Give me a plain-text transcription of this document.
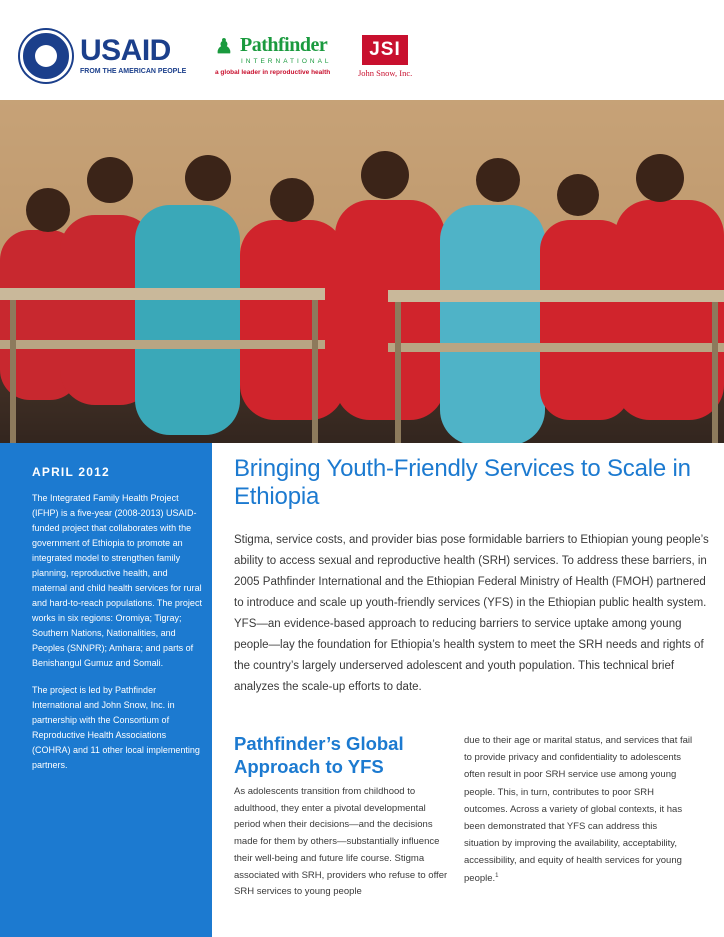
USAID
FROM THE AMERICAN PEOPLE
♟ Pathfinder
INTERNATIONAL
a global leader in reproductive health
JSI
John Snow, Inc.
APRIL 2012

The Integrated Family Health Project (IFHP) is a five-year (2008-2013) USAID-funded project that collaborates with the government of Ethiopia to promote an integrated model to strengthen family planning, reproductive health, and maternal and child health services for rural and hard-to-reach populations. The project works in six regions: Oromiya; Tigray; Southern Nations, Nationalities, and Peoples (SNNPR); Amhara; and parts of Benishangul Gumuz and Somali.

The project is led by Pathfinder International and John Snow, Inc. in partnership with the Consortium of Reproductive Health Associations (COHRA) and 11 other local implementing partners.

Bringing Youth-Friendly Services to Scale in Ethiopia

Stigma, service costs, and provider bias pose formidable barriers to Ethiopian young people’s ability to access sexual and reproductive health (SRH) services. To address these barriers, in 2005 Pathfinder International and the Ethiopian Federal Ministry of Health (FMOH) partnered to introduce and scale up youth-friendly services (YFS) in the Ethiopian public health system. YFS—an evidence-based approach to reducing barriers to service uptake among young people—lay the foundation for Ethiopia’s health system to meet the SRH needs and rights of the country’s largely underserved adolescent and youth population. This technical brief analyzes the scale-up efforts to date.

Pathfinder’s Global Approach to YFS

As adolescents transition from childhood to adulthood, they enter a pivotal developmental period when their decisions—and the decisions made for them by others—substantially influence their well-being and future life course. Stigma associated with SRH, providers who refuse to offer SRH services to young people

due to their age or marital status, and services that fail to provide privacy and confidentiality to adolescents often result in poor SRH service use among young people. This, in turn, contributes to poor SRH outcomes. Across a variety of global contexts, it has been demonstrated that YFS can address this situation by improving the availability, acceptability, accessibility, and equity of health services for young people.$^1$
